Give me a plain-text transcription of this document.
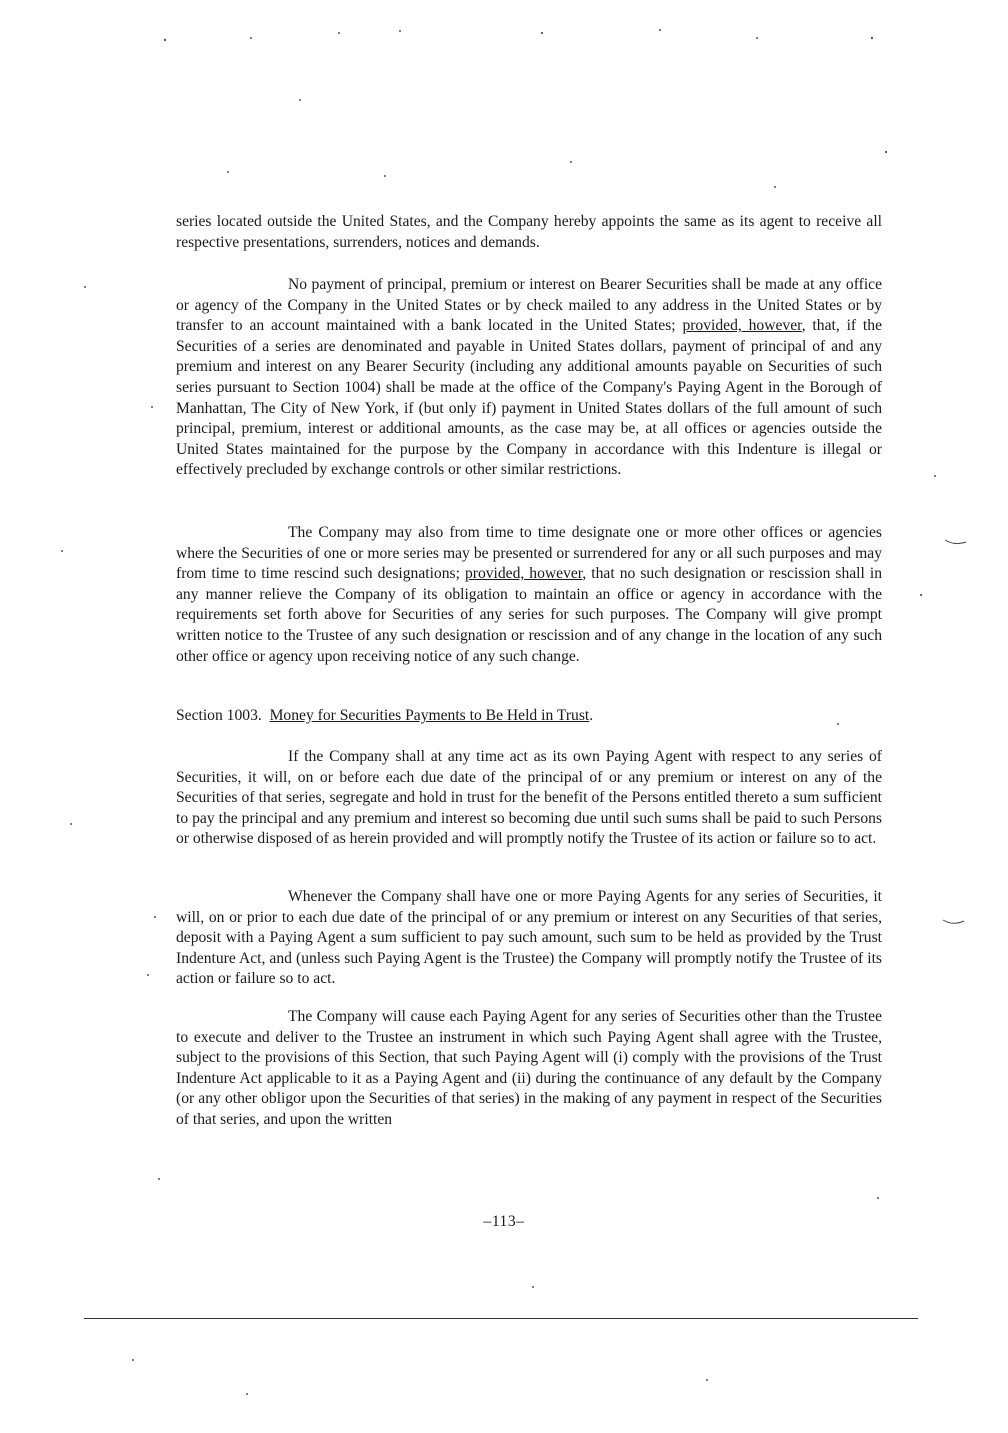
series located outside the United States, and the Company hereby appoints the same as its agent to receive all respective presentations, surrenders, notices and demands.

No payment of principal, premium or interest on Bearer Securities shall be made at any office or agency of the Company in the United States or by check mailed to any address in the United States or by transfer to an account maintained with a bank located in the United States; provided, however, that, if the Securities of a series are denominated and payable in United States dollars, payment of principal of and any premium and interest on any Bearer Security (including any additional amounts payable on Securities of such series pursuant to Section 1004) shall be made at the office of the Company's Paying Agent in the Borough of Manhattan, The City of New York, if (but only if) payment in United States dollars of the full amount of such principal, premium, interest or additional amounts, as the case may be, at all offices or agencies outside the United States maintained for the purpose by the Company in accordance with this Indenture is illegal or effectively precluded by exchange controls or other similar restrictions.

The Company may also from time to time designate one or more other offices or agencies where the Securities of one or more series may be presented or surrendered for any or all such purposes and may from time to time rescind such designations; provided, however, that no such designation or rescission shall in any manner relieve the Company of its obligation to maintain an office or agency in accordance with the requirements set forth above for Securities of any series for such purposes. The Company will give prompt written notice to the Trustee of any such designation or rescission and of any change in the location of any such other office or agency upon receiving notice of any such change.

Section 1003. Money for Securities Payments to Be Held in Trust.

If the Company shall at any time act as its own Paying Agent with respect to any series of Securities, it will, on or before each due date of the principal of or any premium or interest on any of the Securities of that series, segregate and hold in trust for the benefit of the Persons entitled thereto a sum sufficient to pay the principal and any premium and interest so becoming due until such sums shall be paid to such Persons or otherwise disposed of as herein provided and will promptly notify the Trustee of its action or failure so to act.

Whenever the Company shall have one or more Paying Agents for any series of Securities, it will, on or prior to each due date of the principal of or any premium or interest on any Securities of that series, deposit with a Paying Agent a sum sufficient to pay such amount, such sum to be held as provided by the Trust Indenture Act, and (unless such Paying Agent is the Trustee) the Company will promptly notify the Trustee of its action or failure so to act.

The Company will cause each Paying Agent for any series of Securities other than the Trustee to execute and deliver to the Trustee an instrument in which such Paying Agent shall agree with the Trustee, subject to the provisions of this Section, that such Paying Agent will (i) comply with the provisions of the Trust Indenture Act applicable to it as a Paying Agent and (ii) during the continuance of any default by the Company (or any other obligor upon the Securities of that series) in the making of any payment in respect of the Securities of that series, and upon the written

–113–
